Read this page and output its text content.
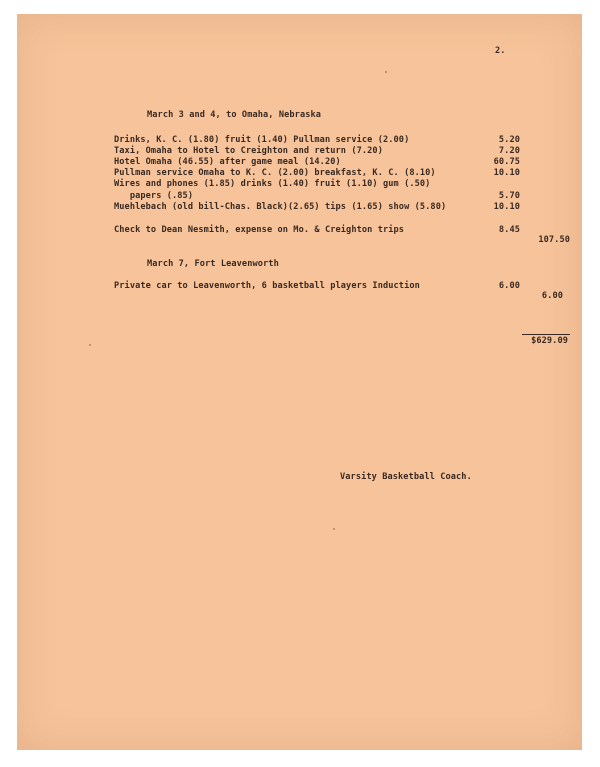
2.
March 3 and 4, to Omaha, Nebraska
Drinks, K. C. (1.80) fruit (1.40) Pullman service (2.00)	5.20
Taxi, Omaha to Hotel to Creighton and return (7.20)	7.20
Hotel Omaha (46.55) after game meal (14.20)	60.75
Pullman service Omaha to K. C. (2.00) breakfast, K. C. (8.10)	10.10
Wires and phones (1.85) drinks (1.40) fruit (1.10) gum (.50)
papers (.85)	5.70
Muehlebach (old bill-Chas. Black)(2.65) tips (1.65) show (5.80)	10.10
Check to Dean Nesmith, expense on Mo. & Creighton trips	8.45
107.50
March 7, Fort Leavenworth
Private car to Leavenworth, 6 basketball players Induction	6.00
6.00
$629.09
Varsity Basketball Coach.
